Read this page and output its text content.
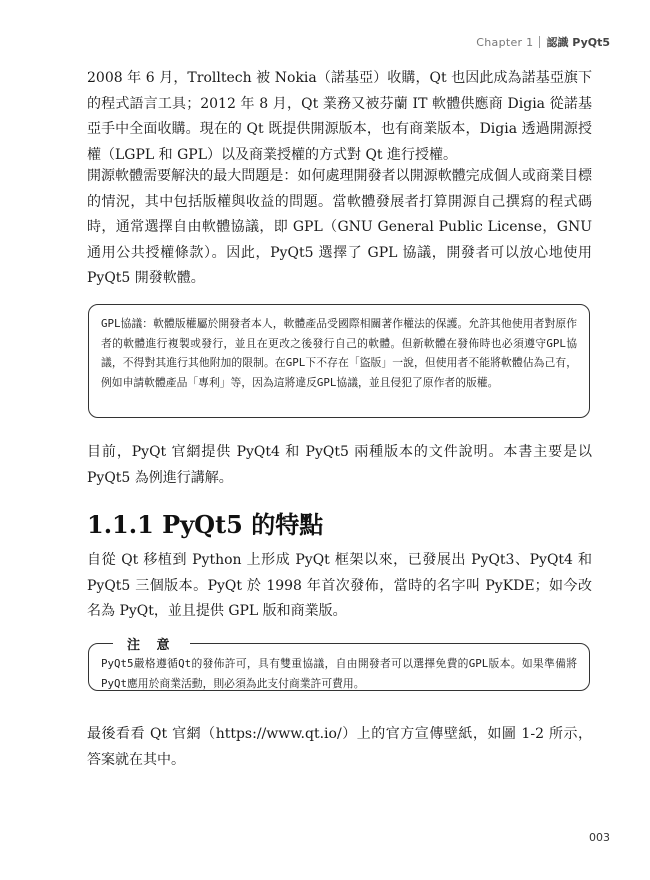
Chapter 1 認識 PyQt5

2008 年 6 月，Trolltech 被 Nokia（諾基亞）收購，Qt 也因此成為諾基亞旗下的程式語言工具；2012 年 8 月，Qt 業務又被芬蘭 IT 軟體供應商 Digia 從諾基亞手中全面收購。現在的 Qt 既提供開源版本，也有商業版本，Digia 透過開源授權（LGPL 和 GPL）以及商業授權的方式對 Qt 進行授權。

開源軟體需要解決的最大問題是：如何處理開發者以開源軟體完成個人或商業目標的情況，其中包括版權與收益的問題。當軟體發展者打算開源自己撰寫的程式碼時，通常選擇自由軟體協議，即 GPL（GNU General Public License，GNU 通用公共授權條款）。因此，PyQt5 選擇了 GPL 協議，開發者可以放心地使用 PyQt5 開發軟體。

GPL協議：軟體版權屬於開發者本人，軟體產品受國際相關著作權法的保護。允許其他使用者對原作者的軟體進行複製或發行，並且在更改之後發行自己的軟體。但新軟體在發佈時也必須遵守GPL協議，不得對其進行其他附加的限制。在GPL下不存在「盜版」一說，但使用者不能將軟體佔為己有，例如申請軟體產品「專利」等，因為這將違反GPL協議，並且侵犯了原作者的版權。

目前，PyQt 官網提供 PyQt4 和 PyQt5 兩種版本的文件說明。本書主要是以 PyQt5 為例進行講解。

1.1.1 PyQt5 的特點

自從 Qt 移植到 Python 上形成 PyQt 框架以來，已發展出 PyQt3、PyQt4 和 PyQt5 三個版本。PyQt 於 1998 年首次發佈，當時的名字叫 PyKDE；如今改名為 PyQt，並且提供 GPL 版和商業版。

注 意

PyQt5嚴格遵循Qt的發佈許可，具有雙重協議，自由開發者可以選擇免費的GPL版本。如果準備將PyQt應用於商業活動，則必須為此支付商業許可費用。

最後看看 Qt 官網（https://www.qt.io/）上的官方宣傳壁紙，如圖 1-2 所示，答案就在其中。

003
